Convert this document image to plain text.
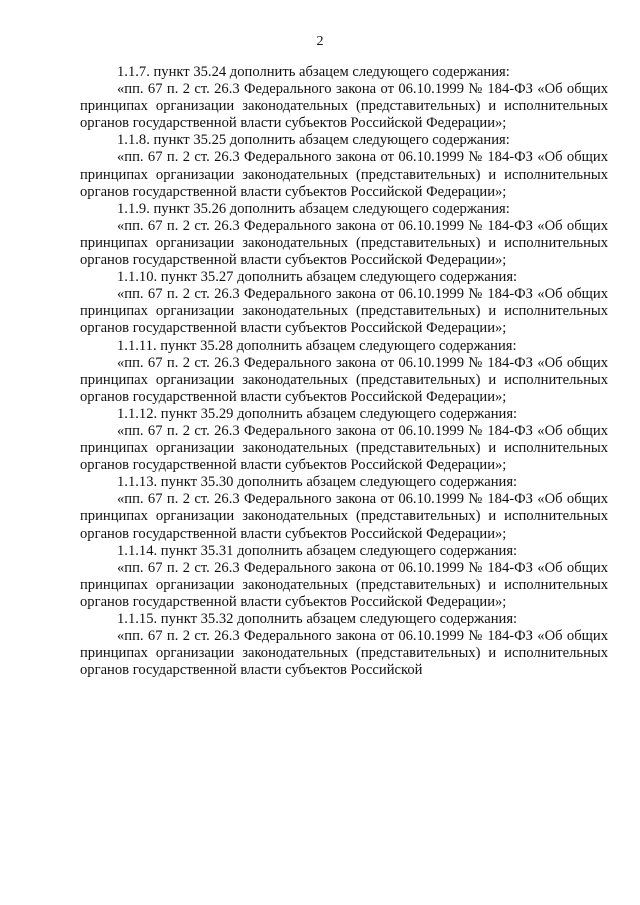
2

1.1.7. пункт 35.24 дополнить абзацем следующего содержания:

«пп. 67 п. 2 ст. 26.3 Федерального закона от 06.10.1999 № 184-ФЗ «Об общих принципах организации законодательных (представительных) и исполнительных органов государственной власти субъектов Российской Федерации»;

1.1.8. пункт 35.25 дополнить абзацем следующего содержания:

«пп. 67 п. 2 ст. 26.3 Федерального закона от 06.10.1999 № 184-ФЗ «Об общих принципах организации законодательных (представительных) и исполнительных органов государственной власти субъектов Российской Федерации»;

1.1.9. пункт 35.26 дополнить абзацем следующего содержания:

«пп. 67 п. 2 ст. 26.3 Федерального закона от 06.10.1999 № 184-ФЗ «Об общих принципах организации законодательных (представительных) и исполнительных органов государственной власти субъектов Российской Федерации»;

1.1.10. пункт 35.27 дополнить абзацем следующего содержания:

«пп. 67 п. 2 ст. 26.3 Федерального закона от 06.10.1999 № 184-ФЗ «Об общих принципах организации законодательных (представительных) и исполнительных органов государственной власти субъектов Российской Федерации»;

1.1.11. пункт 35.28 дополнить абзацем следующего содержания:

«пп. 67 п. 2 ст. 26.3 Федерального закона от 06.10.1999 № 184-ФЗ «Об общих принципах организации законодательных (представительных) и исполнительных органов государственной власти субъектов Российской Федерации»;

1.1.12. пункт 35.29 дополнить абзацем следующего содержания:

«пп. 67 п. 2 ст. 26.3 Федерального закона от 06.10.1999 № 184-ФЗ «Об общих принципах организации законодательных (представительных) и исполнительных органов государственной власти субъектов Российской Федерации»;

1.1.13. пункт 35.30 дополнить абзацем следующего содержания:

«пп. 67 п. 2 ст. 26.3 Федерального закона от 06.10.1999 № 184-ФЗ «Об общих принципах организации законодательных (представительных) и исполнительных органов государственной власти субъектов Российской Федерации»;

1.1.14. пункт 35.31 дополнить абзацем следующего содержания:

«пп. 67 п. 2 ст. 26.3 Федерального закона от 06.10.1999 № 184-ФЗ «Об общих принципах организации законодательных (представительных) и исполнительных органов государственной власти субъектов Российской Федерации»;

1.1.15. пункт 35.32 дополнить абзацем следующего содержания:

«пп. 67 п. 2 ст. 26.3 Федерального закона от 06.10.1999 № 184-ФЗ «Об общих принципах организации законодательных (представительных) и исполнительных органов государственной власти субъектов Российской
